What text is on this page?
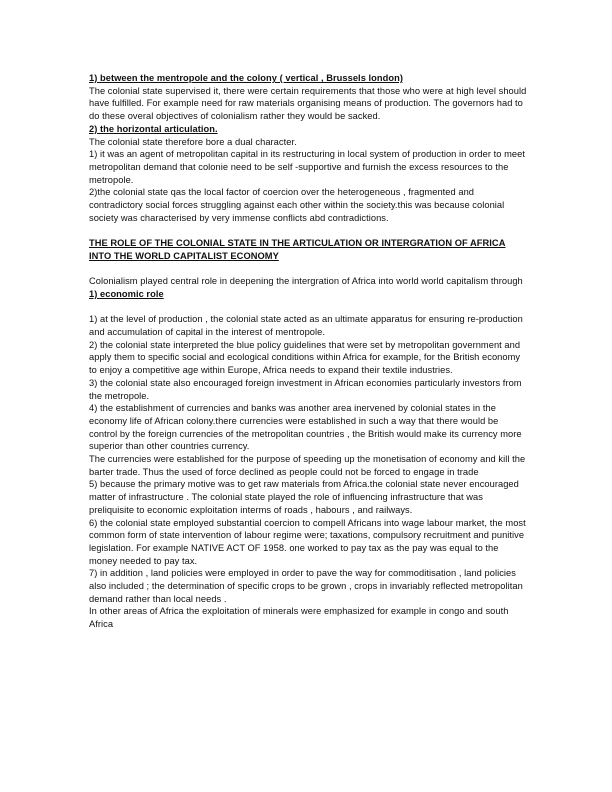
1) between the mentropole and the colony ( vertical , Brussels london)

The colonial state supervised it, there were certain requirements that those who were at high level should have fulfilled. For example need for raw materials organising means of production. The governors had to do these overal objectives of colonialism rather they would be sacked.

2) the horizontal articulation.

The colonial state therefore bore a dual character.

1) it was an agent of metropolitan capital in its restructuring in local system of production in order to meet metropolitan demand that colonie need to be self -supportive and furnish the excess resources to the metropole.

2)the colonial state qas the local factor of coercion over the heterogeneous , fragmented and contradictory social forces struggling against each other within the society.this was because colonial society was characterised by very immense conflicts abd contradictions.

THE ROLE OF THE COLONIAL STATE IN THE ARTICULATION OR INTERGRATION OF AFRICA INTO THE WORLD CAPITALIST ECONOMY

Colonialism played central role in deepening the intergration of Africa into world world capitalism through

1) economic role

1) at the level of production , the colonial state acted as an ultimate apparatus for ensuring re-production and accumulation of capital in the interest of mentropole.

2) the colonial state interpreted the blue policy guidelines that were set by metropolitan government and apply them to specific social and ecological conditions within Africa for example, for the British economy to enjoy a competitive age within Europe, Africa needs to expand their textile industries.

3) the colonial state also encouraged foreign investment in African economies particularly investors from the metropole.

4) the establishment of currencies and banks was another area inervened by colonial states in the economy life of African colony.there currencies were established in such a way that there would be control by the foreign currencies of the metropolitan countries , the British would make its currency more superior than other countries currency.

The currencies were established for the purpose of speeding up the monetisation of economy and kill the barter trade. Thus the used of force declined as people could not be forced to engage in trade

5) because the primary motive was to get raw materials from Africa.the colonial state never encouraged matter of infrastructure . The colonial state played the role of influencing infrastructure that was preliquisite to economic exploitation interms of roads , habours , and railways.

6) the colonial state employed substantial coercion to compell Africans into wage labour market, the most common form of state intervention of labour regime were; taxations, compulsory recruitment and punitive legislation. For example NATIVE ACT OF 1958. one worked to pay tax as the pay was equal to the money needed to pay tax.

7) in addition , land policies were employed in order to pave the way for commoditisation , land policies also included ; the determination of specific crops to be grown , crops in invariably reflected metropolitan demand rather than local needs .

In other areas of Africa the exploitation of minerals were emphasized for example in congo and south Africa
